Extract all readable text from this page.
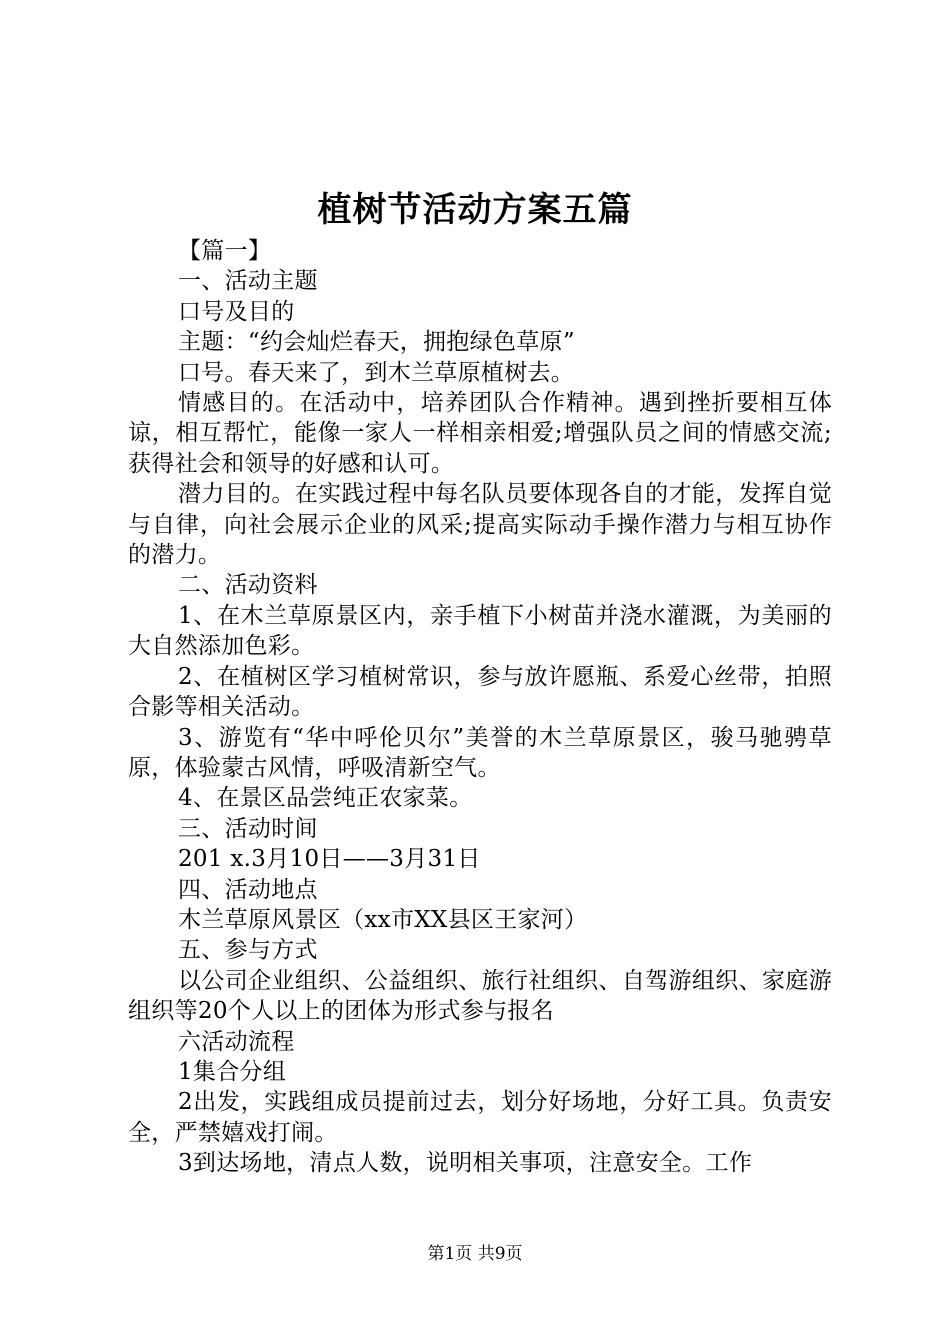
植树节活动方案五篇

【篇一】

一、活动主题

口号及目的

主题：“约会灿烂春天，拥抱绿色草原”

口号。春天来了，到木兰草原植树去。

情感目的。在活动中，培养团队合作精神。遇到挫折要相互体谅，相互帮忙，能像一家人一样相亲相爱;增强队员之间的情感交流;获得社会和领导的好感和认可。

潜力目的。在实践过程中每名队员要体现各自的才能，发挥自觉与自律，向社会展示企业的风采;提高实际动手操作潜力与相互协作的潜力。

二、活动资料

1、在木兰草原景区内，亲手植下小树苗并浇水灌溉，为美丽的大自然添加色彩。

2、在植树区学习植树常识，参与放许愿瓶、系爱心丝带，拍照合影等相关活动。

3、游览有“华中呼伦贝尔”美誉的木兰草原景区，骏马驰骋草原，体验蒙古风情，呼吸清新空气。

4、在景区品尝纯正农家菜。

三、活动时间

201 x.3月10日——3月31日

四、活动地点

木兰草原风景区（xx市XX县区王家河）

五、参与方式

以公司企业组织、公益组织、旅行社组织、自驾游组织、家庭游组织等20个人以上的团体为形式参与报名

六活动流程

1集合分组

2出发，实践组成员提前过去，划分好场地，分好工具。负责安全，严禁嬉戏打闹。

3到达场地，清点人数，说明相关事项，注意安全。工作

第1页 共9页
